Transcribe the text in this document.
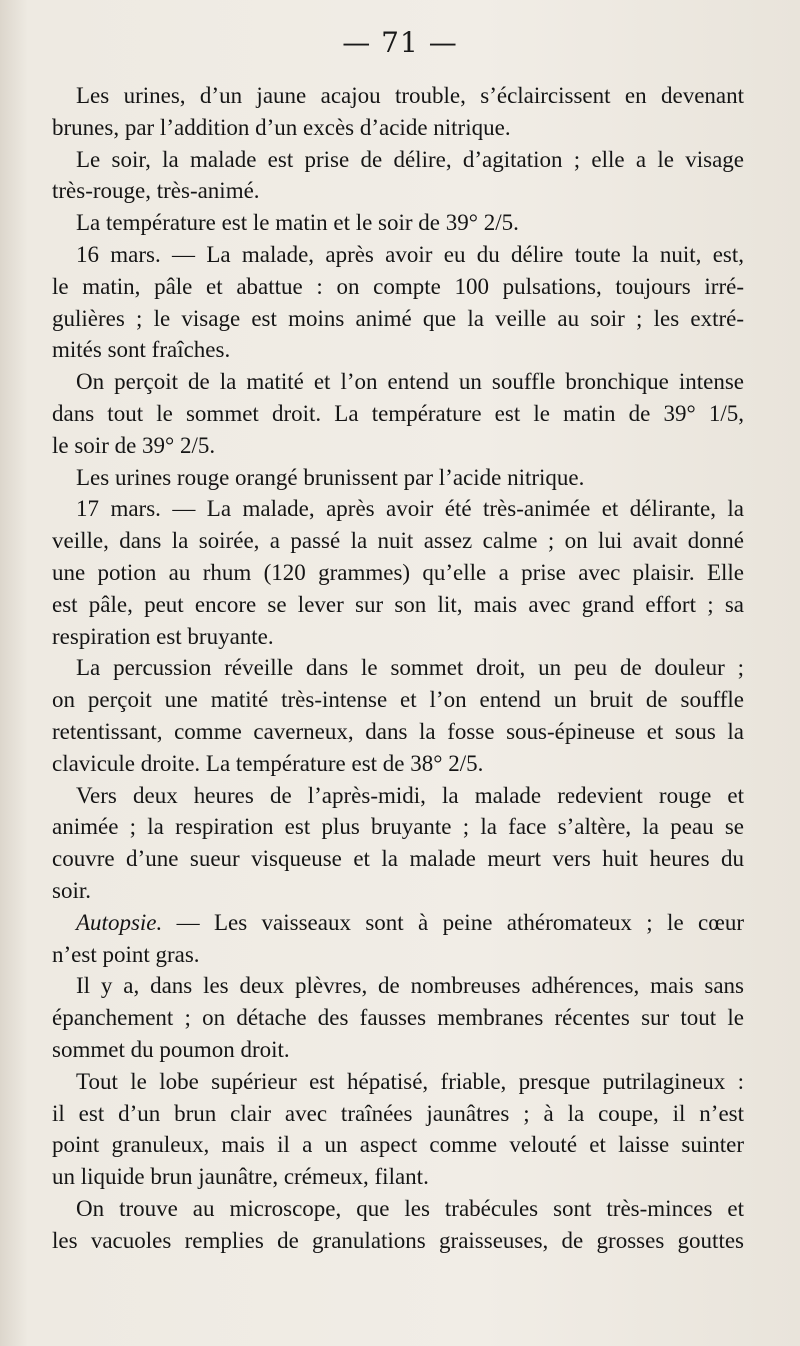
— 71 —

Les urines, d’un jaune acajou trouble, s’éclaircissent en devenant

brunes, par l’addition d’un excès d’acide nitrique.

Le soir, la malade est prise de délire, d’agitation ; elle a le visage

très-rouge, très-animé.

La température est le matin et le soir de 39° 2/5.

16 mars. — La malade, après avoir eu du délire toute la nuit, est,

le matin, pâle et abattue : on compte 100 pulsations, toujours irré-

gulières ; le visage est moins animé que la veille au soir ; les extré-

mités sont fraîches.

On perçoit de la matité et l’on entend un souffle bronchique intense

dans tout le sommet droit. La température est le matin de 39° 1/5,

le soir de 39° 2/5.

Les urines rouge orangé brunissent par l’acide nitrique.

17 mars. — La malade, après avoir été très-animée et délirante, la

veille, dans la soirée, a passé la nuit assez calme ; on lui avait donné

une potion au rhum (120 grammes) qu’elle a prise avec plaisir. Elle

est pâle, peut encore se lever sur son lit, mais avec grand effort ; sa

respiration est bruyante.

La percussion réveille dans le sommet droit, un peu de douleur ;

on perçoit une matité très-intense et l’on entend un bruit de souffle

retentissant, comme caverneux, dans la fosse sous-épineuse et sous la

clavicule droite. La température est de 38° 2/5.

Vers deux heures de l’après-midi, la malade redevient rouge et

animée ; la respiration est plus bruyante ; la face s’altère, la peau se

couvre d’une sueur visqueuse et la malade meurt vers huit heures du

soir.

Autopsie. — Les vaisseaux sont à peine athéromateux ; le cœur

n’est point gras.

Il y a, dans les deux plèvres, de nombreuses adhérences, mais sans

épanchement ; on détache des fausses membranes récentes sur tout le

sommet du poumon droit.

Tout le lobe supérieur est hépatisé, friable, presque putrilagineux :

il est d’un brun clair avec traînées jaunâtres ; à la coupe, il n’est

point granuleux, mais il a un aspect comme velouté et laisse suinter

un liquide brun jaunâtre, crémeux, filant.

On trouve au microscope, que les trabécules sont très-minces et

les vacuoles remplies de granulations graisseuses, de grosses gouttes
